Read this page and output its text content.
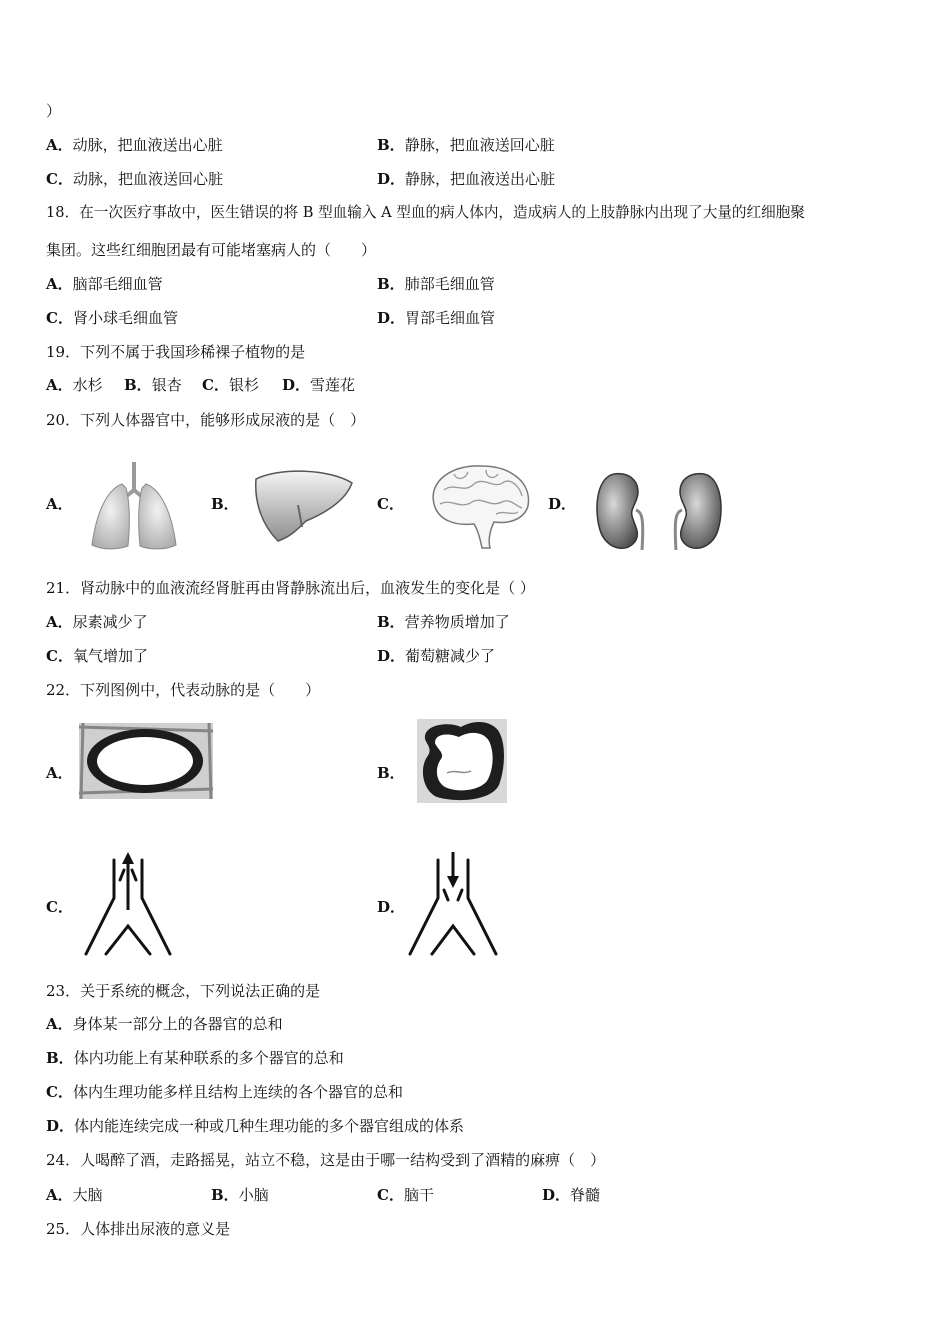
）
A．动脉，把血液送出心脏	B．静脉，把血液送回心脏
C．动脉，把血液送回心脏	D．静脉，把血液送出心脏
18．在一次医疗事故中，医生错误的将 B 型血输入 A 型血的病人体内，造成病人的上肢静脉内出现了大量的红细胞聚
集团。这些红细胞团最有可能堵塞病人的（　　）
A．脑部毛细血管	B．肺部毛细血管
C．肾小球毛细血管	D．胃部毛细血管
19．下列不属于我国珍稀裸子植物的是
A．水杉 B．银杏 C．银杉 D．雪莲花
20．下列人体器官中，能够形成尿液的是（　）
A．	B．	C．	D．
21．肾动脉中的血液流经肾脏再由肾静脉流出后，血液发生的变化是（ ）
A．尿素减少了	B．营养物质增加了
C．氧气增加了	D．葡萄糖减少了
22．下列图例中，代表动脉的是（　　）
A．	B．
C．	D．
23．关于系统的概念，下列说法正确的是
A．身体某一部分上的各器官的总和
B．体内功能上有某种联系的多个器官的总和
C．体内生理功能多样且结构上连续的各个器官的总和
D．体内能连续完成一种或几种生理功能的多个器官组成的体系
24．人喝醉了酒，走路摇晃，站立不稳，这是由于哪一结构受到了酒精的麻痹（　）
A．大脑	B．小脑	C．脑干	D．脊髓
25．人体排出尿液的意义是
